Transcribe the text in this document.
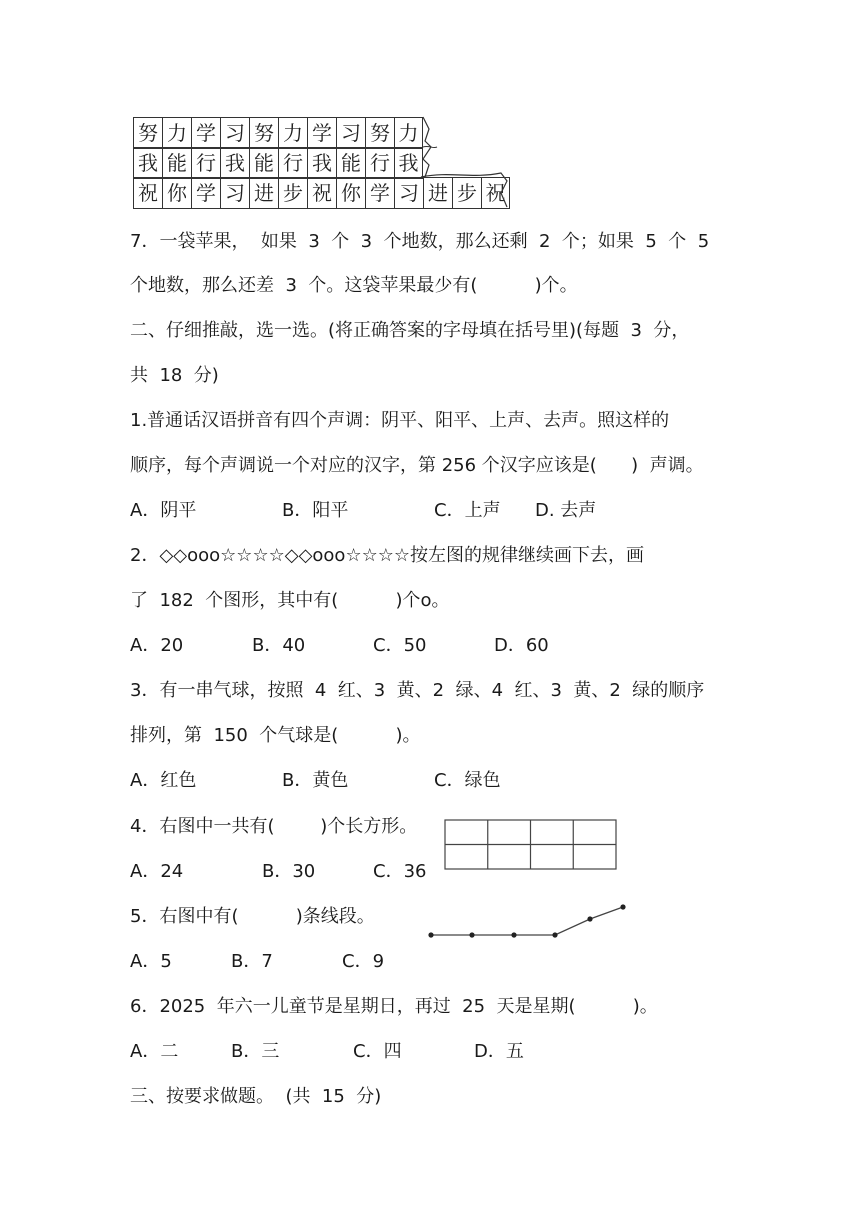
努 力 学 习 努 力 学 习 努 力
我 能 行 我 能 行 我 能 行 我
祝 你 学 习 进 步 祝 你 学 习 进 步 祝
7．一袋苹果，  如果  3  个  3  个地数，那么还剩  2  个；如果  5  个  5
个地数，那么还差  3  个。这袋苹果最少有(          )个。
二、仔细推敲，选一选。(将正确答案的字母填在括号里)(每题  3  分，
共  18  分)
1.普通话汉语拼音有四个声调：阴平、阳平、上声、去声。照这样的
顺序，每个声调说一个对应的汉字，第 256 个汉字应该是(      )  声调。
A．阴平	B．阳平	C．上声 D. 去声
2．◇◇ooo☆☆☆☆◇◇ooo☆☆☆☆按左图的规律继续画下去，画
了  182  个图形，其中有(          )个o。
A．20	B．40	C．50	D．60
3．有一串气球，按照  4  红、3  黄、2  绿、4  红、3  黄、2  绿的顺序
排列，第  150  个气球是(          )。
A．红色	B．黄色	C．绿色
4．右图中一共有(        )个长方形。
A．24	B．30	C．36
5．右图中有(          )条线段。
A．5	B．7	C．9
6．2025  年六一儿童节是星期日，再过  25  天是星期(          )。
A．二	B．三	C．四	D．五
三、按要求做题。  (共  15  分)
